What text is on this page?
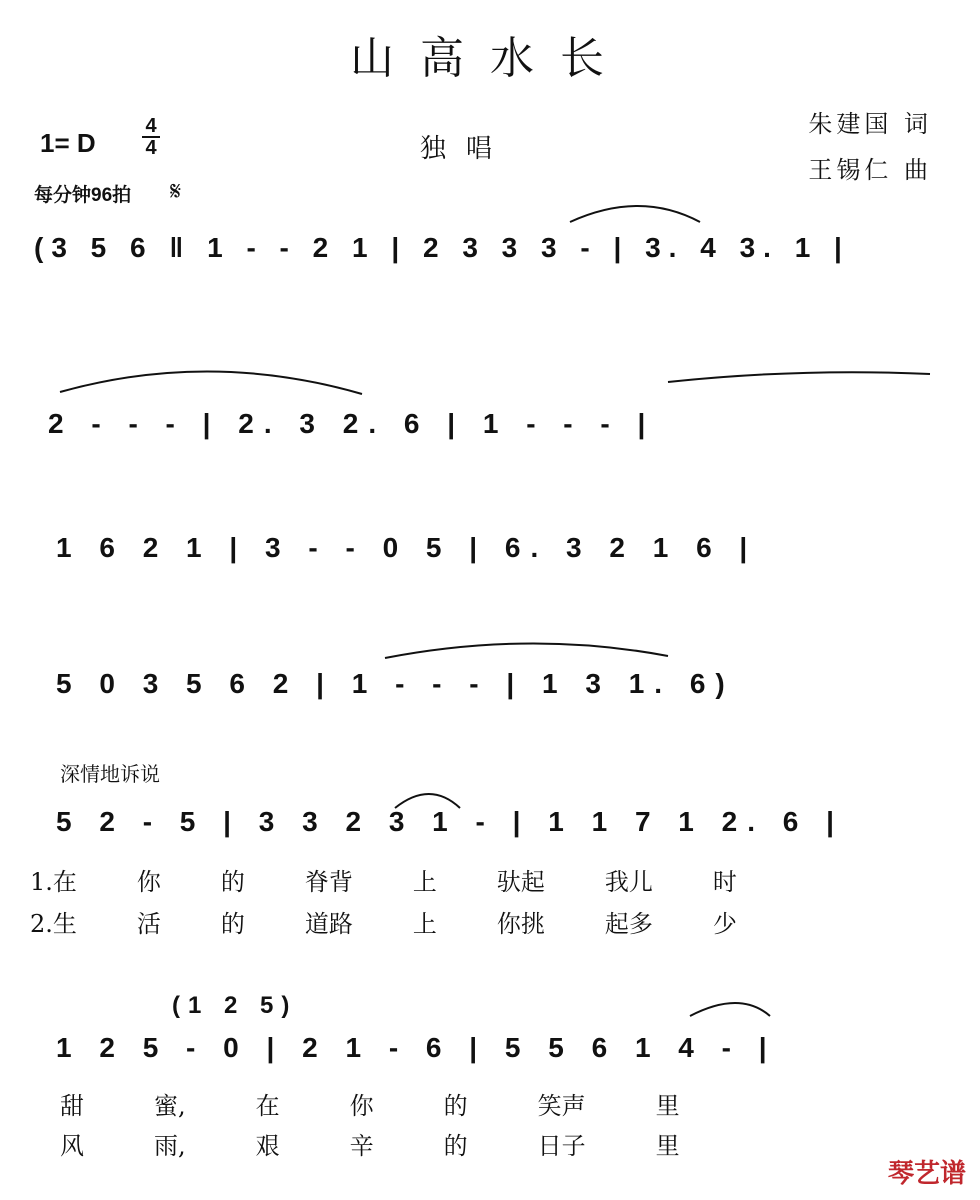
山高水长
1= D
4
4
每分钟96拍 𝄋
独唱
朱建国 词
王锡仁 曲
深情地诉说
(3 5 6 ‖ 1 - - 2 1 | 2 3 3 3 - | 3. 4 3. 1 |
2 - - - | 2. 3 2. 6 | 1 - - - |
1 6 2 1 | 3 - - 0 5 | 6. 3 2 1 6 |
5 0 3 5 6 2 | 1 - - - | 1 3 1. 6)
5 2 - 5 | 3 3 2 3 1 - | 1 1 7 1 2. 6 |
1 2 5 - 0 | 2 1 - 6 | 5 5 6 1 4 - |
(1 2 5)
1.在	你	的	脊背	上	驮起	我儿	时
2.生	活	的	道路	上	你挑	起多	少
甜	蜜,	在	你	的	笑声	里
风	雨,	艰	辛	的	日子	里
琴艺谱
